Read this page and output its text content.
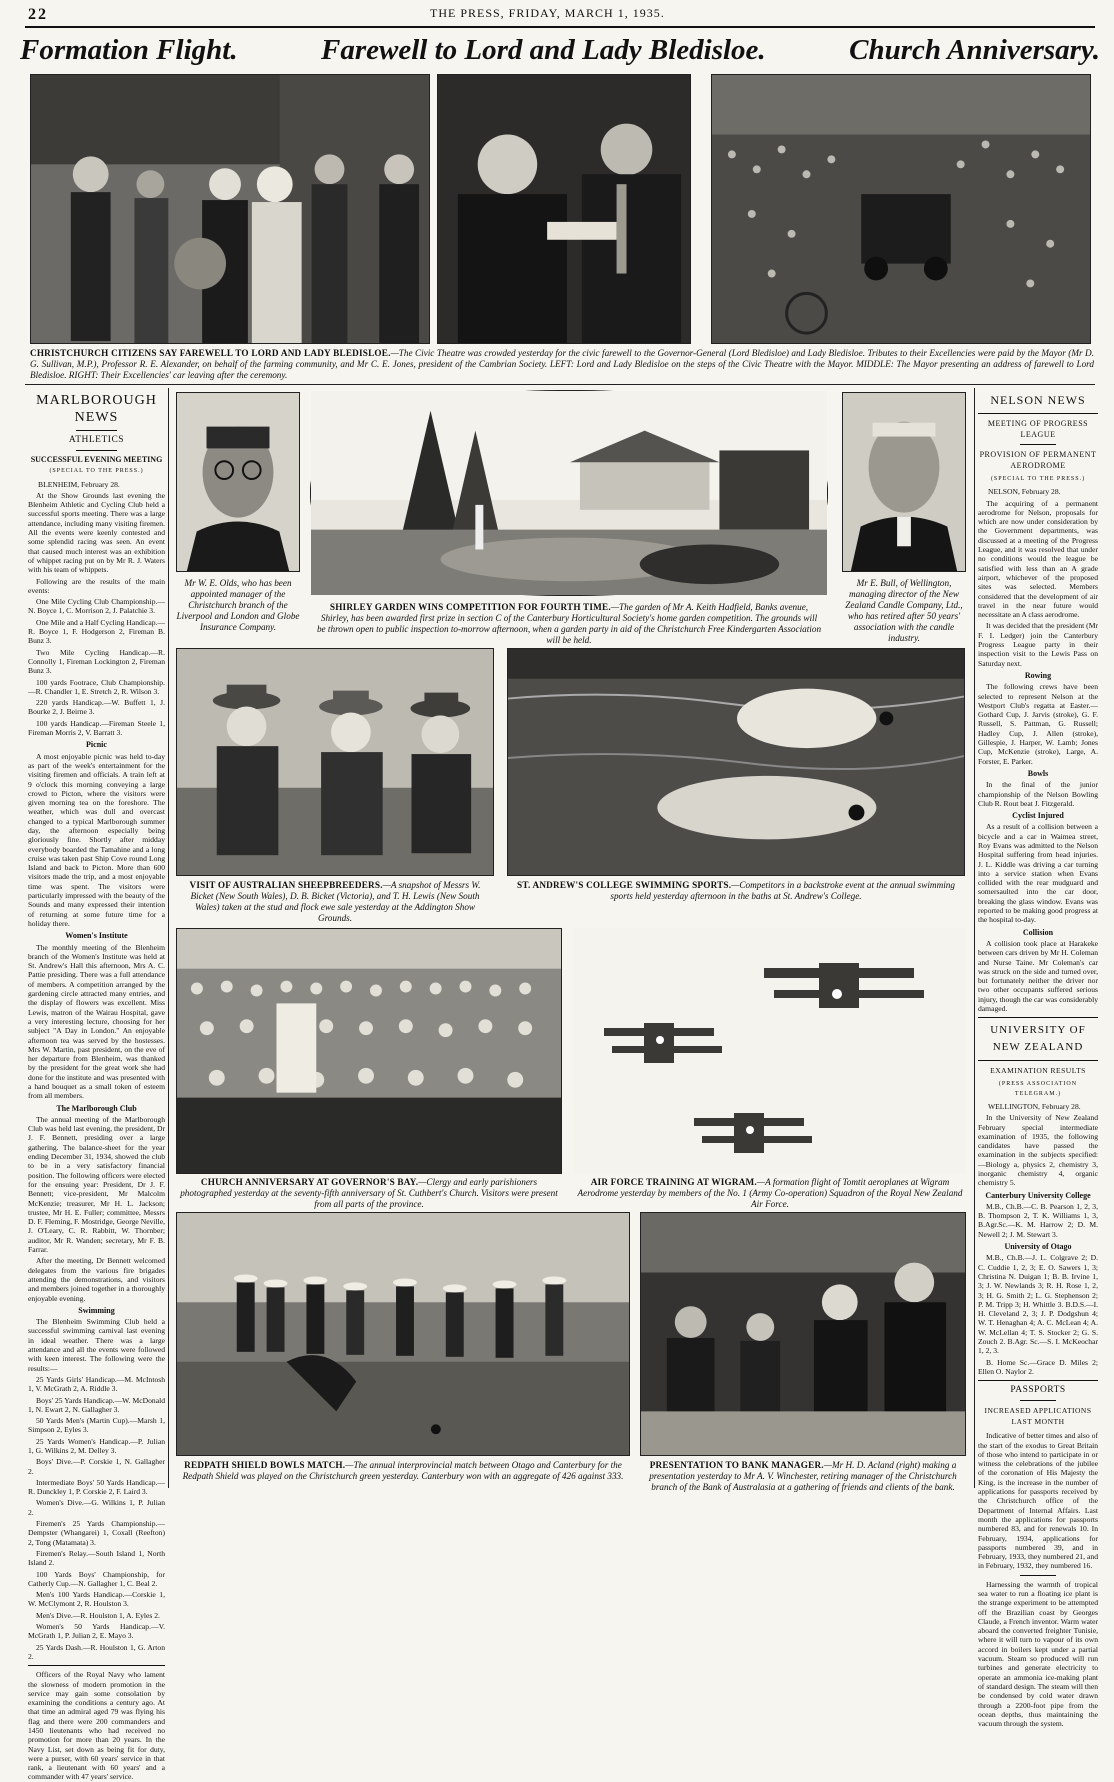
22	THE PRESS, FRIDAY, MARCH 1, 1935.
Formation Flight.	Farewell to Lord and Lady Bledisloe.	Church Anniversary.
CHRISTCHURCH CITIZENS SAY FAREWELL TO LORD AND LADY BLEDISLOE.—The Civic Theatre was crowded yesterday for the civic farewell to the Governor-General (Lord Bledisloe) and Lady Bledisloe. Tributes to their Excellencies were paid by the Mayor (Mr D. G. Sullivan, M.P.), Professor R. E. Alexander, on behalf of the farming community, and Mr C. E. Jones, president of the Cambrian Society. LEFT: Lord and Lady Bledisloe on the steps of the Civic Theatre with the Mayor. MIDDLE: The Mayor presenting an address of farewell to Lord Bledisloe. RIGHT: Their Excellencies' car leaving after the ceremony.
MARLBOROUGH NEWS
ATHLETICS
SUCCESSFUL EVENING MEETING
(SPECIAL TO THE PRESS.)
BLENHEIM, February 28.

At the Show Grounds last evening the Blenheim Athletic and Cycling Club held a successful sports meeting. There was a large attendance, including many visiting firemen. All the events were keenly contested and some splendid racing was seen. An event that caused much interest was an exhibition of whippet racing put on by Mr R. J. Waters with his team of whippets.

Following are the results of the main events:

One Mile Cycling Club Championship.—N. Boyce 1, C. Morrison 2, J. Palatchie 3.

One Mile and a Half Cycling Handicap.—R. Boyce 1, F. Hodgerson 2, Fireman B. Bunz 3.

Two Mile Cycling Handicap.—R. Connolly 1, Fireman Lockington 2, Fireman Bunz 3.

100 yards Footrace, Club Championship.—R. Chandler 1, E. Stretch 2, R. Wilson 3.

220 yards Handicap.—W. Buffett 1, J. Bourke 2, J. Beirne 3.

100 yards Handicap.—Fireman Steele 1, Fireman Morris 2, V. Barratt 3.

Picnic

A most enjoyable picnic was held to-day as part of the week's entertainment for the visiting firemen and officials. A train left at 9 o'clock this morning conveying a large crowd to Picton, where the visitors were given morning tea on the foreshore. The weather, which was dull and overcast changed to a typical Marlborough summer day, the afternoon especially being gloriously fine. Shortly after midday everybody boarded the Tamahine and a long cruise was taken past Ship Cove round Long Island and back to Picton. More than 600 visitors made the trip, and a most enjoyable time was spent. The visitors were particularly impressed with the beauty of the Sounds and many expressed their intention of returning at some future time for a holiday there.

Women's Institute

The monthly meeting of the Blenheim branch of the Women's Institute was held at St. Andrew's Hall this afternoon, Mrs A. C. Pattie presiding. There was a full attendance of members. A competition arranged by the gardening circle attracted many entries, and the display of flowers was excellent. Miss Lewis, matron of the Wairau Hospital, gave a very interesting lecture, choosing for her subject "A Day in London." An enjoyable afternoon tea was served by the hostesses. Mrs W. Martin, past president, on the eve of her departure from Blenheim, was thanked by the president for the great work she had done for the institute and was presented with a hand bouquet as a small token of esteem from all members.

The Marlborough Club

The annual meeting of the Marlborough Club was held last evening, the president, Dr J. F. Bennett, presiding over a large gathering. The balance-sheet for the year ending December 31, 1934, showed the club to be in a very satisfactory financial position. The following officers were elected for the ensuing year: President, Dr J. F. Bennett; vice-president, Mr Malcolm McKenzie; treasurer, Mr H. L. Jackson; trustee, Mr H. E. Fuller; committee, Messrs D. F. Fleming, F. Mostridge, George Neville, J. O'Leary, C. R. Rabbitt, W. Thornber; auditor, Mr R. Wanden; secretary, Mr F. B. Farrar.

After the meeting, Dr Bennett welcomed delegates from the various fire brigades attending the demonstrations, and visitors and members joined together in a thoroughly enjoyable evening.

Swimming

The Blenheim Swimming Club held a successful swimming carnival last evening in ideal weather. There was a large attendance and all the events were followed with keen interest. The following were the results:—

25 Yards Girls' Handicap.—M. McIntosh 1, V. McGrath 2, A. Riddle 3.

Boys' 25 Yards Handicap.—W. McDonald 1, N. Ewart 2, N. Gallagher 3.

50 Yards Men's (Martin Cup).—Marsh 1, Simpson 2, Eyles 3.

25 Yards Women's Handicap.—P. Julian 1, G. Wilkins 2, M. Delley 3.

Boys' Dive.—P. Corskie 1, N. Gallagher 2.

Intermediate Boys' 50 Yards Handicap.—R. Dunckley 1, P. Corskie 2, F. Laird 3.

Women's Dive.—G. Wilkins 1, P. Julian 2.

Firemen's 25 Yards Championship.—Dempster (Whangarei) 1, Coxall (Reefton) 2, Tong (Matamata) 3.

Firemen's Relay.—South Island 1, North Island 2.

100 Yards Boys' Championship, for Catherly Cup.—N. Gallagher 1, C. Beal 2.

Men's 100 Yards Handicap.—Corskie 1, W. McClymont 2, R. Houlston 3.

Men's Dive.—R. Houlston 1, A. Eyles 2.

Women's 50 Yards Handicap.—V. McGrath 1, P. Julian 2, E. Mayo 3.

25 Yards Dash.—R. Houlston 1, G. Arton 2.

Officers of the Royal Navy who lament the slowness of modern promotion in the service may gain some consolation by examining the conditions a century ago. At that time an admiral aged 79 was flying his flag and there were 200 commanders and 1450 lieutenants who had received no promotion for more than 20 years. In the Navy List, set down as being fit for duty, were a purser, with 60 years' service in that rank, a lieutenant with 60 years' and a commander with 47 years' service.

Mr W. E. Olds, who has been appointed manager of the Christchurch branch of the Liverpool and London and Globe Insurance Company.
SHIRLEY GARDEN WINS COMPETITION FOR FOURTH TIME.—The garden of Mr A. Keith Hadfield, Banks avenue, Shirley, has been awarded first prize in section C of the Canterbury Horticultural Society's home garden competition. The grounds will be thrown open to public inspection to-morrow afternoon, when a garden party in aid of the Christchurch Free Kindergarten Association will be held.
Mr E. Bull, of Wellington, managing director of the New Zealand Candle Company, Ltd., who has retired after 50 years' association with the candle industry.
VISIT OF AUSTRALIAN SHEEPBREEDERS.—A snapshot of Messrs W. Bicket (New South Wales), D. B. Bicket (Victoria), and T. H. Lewis (New South Wales) taken at the stud and flock ewe sale yesterday at the Addington Show Grounds.
ST. ANDREW'S COLLEGE SWIMMING SPORTS.—Competitors in a backstroke event at the annual swimming sports held yesterday afternoon in the baths at St. Andrew's College.
CHURCH ANNIVERSARY AT GOVERNOR'S BAY.—Clergy and early parishioners photographed yesterday at the seventy-fifth anniversary of St. Cuthbert's Church. Visitors were present from all parts of the province.
AIR FORCE TRAINING AT WIGRAM.—A formation flight of Tomtit aeroplanes at Wigram Aerodrome yesterday by members of the No. 1 (Army Co-operation) Squadron of the Royal New Zealand Air Force.
REDPATH SHIELD BOWLS MATCH.—The annual interprovincial match between Otago and Canterbury for the Redpath Shield was played on the Christchurch green yesterday. Canterbury won with an aggregate of 426 against 333.
PRESENTATION TO BANK MANAGER.—Mr H. D. Acland (right) making a presentation yesterday to Mr A. V. Winchester, retiring manager of the Christchurch branch of the Bank of Australasia at a gathering of friends and clients of the bank.
NELSON NEWS
MEETING OF PROGRESS LEAGUE
PROVISION OF PERMANENT AERODROME
(SPECIAL TO THE PRESS.)
NELSON, February 28.

The acquiring of a permanent aerodrome for Nelson, proposals for which are now under consideration by the Government departments, was discussed at a meeting of the Progress League, and it was resolved that under no conditions would the league be satisfied with less than an A grade airport, whichever of the proposed sites was selected. Members considered that the development of air travel in the near future would necessitate an A class aerodrome.

It was decided that the president (Mr F. I. Ledger) join the Canterbury Progress League party in their inspection visit to the Lewis Pass on Saturday next.

Rowing

The following crews have been selected to represent Nelson at the Westport Club's regatta at Easter.—Gothard Cup, J. Jarvis (stroke), G. F. Russell, S. Pattman, G. Russell; Hadley Cup, J. Allen (stroke), Gillespie, J. Harper, W. Lamb; Jones Cup, McKenzie (stroke), Large, A. Forster, E. Parker.

Bowls

In the final of the junior championship of the Nelson Bowling Club R. Rout beat J. Fitzgerald.

Cyclist Injured

As a result of a collision between a bicycle and a car in Waimea street, Roy Evans was admitted to the Nelson Hospital suffering from head injuries. J. L. Kiddle was driving a car turning into a service station when Evans collided with the rear mudguard and somersaulted into the car door, breaking the glass window. Evans was reported to be making good progress at the hospital to-day.

Collision

A collision took place at Harakeke between cars driven by Mr H. Coleman and Nurse Taine. Mr Coleman's car was struck on the side and turned over, but fortunately neither the driver nor two other occupants suffered serious injury, though the car was considerably damaged.

UNIVERSITY OF NEW ZEALAND
EXAMINATION RESULTS
(PRESS ASSOCIATION TELEGRAM.)
WELLINGTON, February 28.

In the University of New Zealand February special intermediate examination of 1935, the following candidates have passed the examination in the subjects specified:—Biology a, physics 2, chemistry 3, inorganic chemistry 4, organic chemistry 5.

Canterbury University College

M.B., Ch.B.—C. B. Pearson 1, 2, 3, B. Thompson 2, T. K. Williams 1, 3, B.Agr.Sc.—K. M. Harrow 2; D. M. Newell 2; J. M. Stewart 3.

University of Otago

M.B., Ch.B.—J. L. Colgrave 2; D. C. Cuddie 1, 2, 3; E. O. Sawers 1, 3; Christina N. Duigan 1; B. B. Irvine 1, 3; J. W. Newlands 3; R. H. Rose 1, 2, 3; H. G. Smith 2; L. G. Stephenson 2; P. M. Tripp 3; H. Whittle 3. B.D.S.—I. H. Cleveland 2, 3; J. P. Dodgshun 4; W. T. Henaghan 4; A. C. McLean 4; A. W. McLellan 4; T. S. Stocker 2; G. S. Zouch 2. B.Agr. Sc.—S. I. McKeochar 1, 2, 3.

B. Home Sc.—Grace D. Miles 2; Ellen O. Naylor 2.

PASSPORTS
INCREASED APPLICATIONS LAST MONTH

Indicative of better times and also of the start of the exodus to Great Britain of those who intend to participate in or witness the celebrations of the jubilee of the coronation of His Majesty the King, is the increase in the number of applications for passports received by the Christchurch office of the Department of Internal Affairs. Last month the applications for passports numbered 83, and for renewals 10. In February, 1934, applications for passports numbered 39, and in February, 1933, they numbered 21, and in February, 1932, they numbered 16.

Harnessing the warmth of tropical sea water to run a floating ice plant is the strange experiment to be attempted off the Brazilian coast by Georges Claude, a French inventor. Warm water aboard the converted freighter Tunisie, where it will turn to vapour of its own accord in boilers kept under a partial vacuum. Steam so produced will run turbines and generate electricity to operate an ammonia ice-making plant of standard design. The steam will then be condensed by cold water drawn through a 2200-foot pipe from the ocean depths, thus maintaining the vacuum through the system.
